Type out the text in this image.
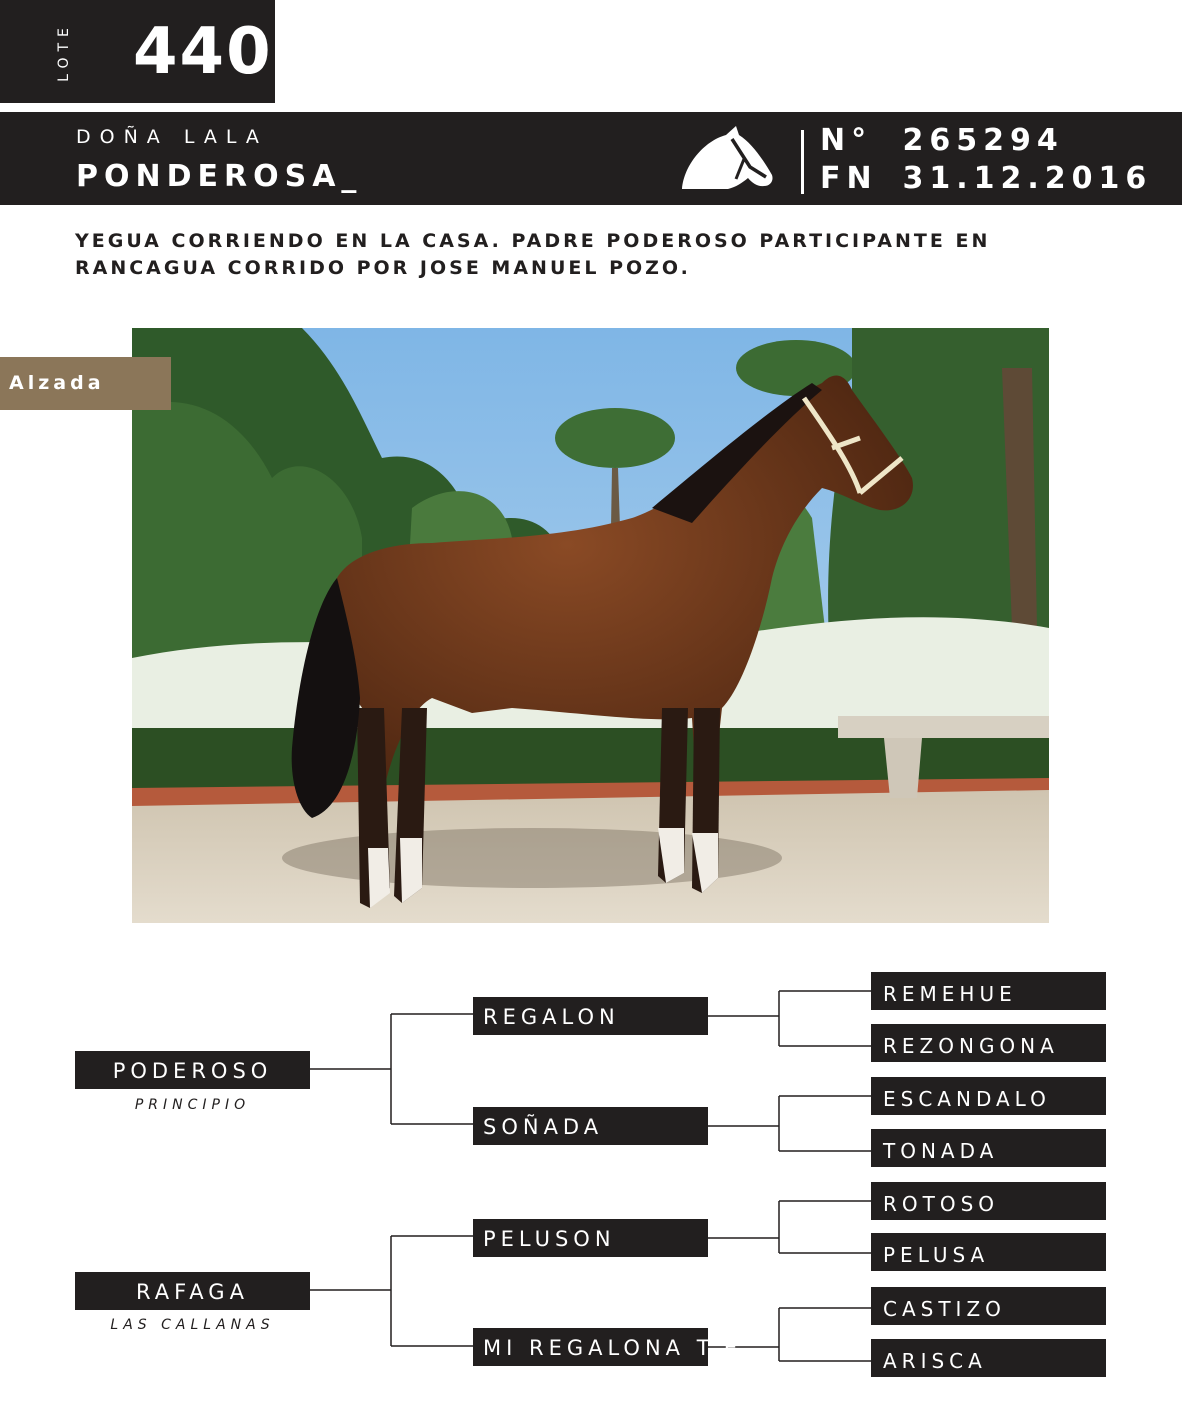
LOTE 440
DOÑA LALA
PONDEROSA_
N° 265294
FN 31.12.2016
YEGUA CORRIENDO EN LA CASA. PADRE PODEROSO PARTICIPANTE EN RANCAGUA CORRIDO POR JOSE MANUEL POZO.
Alzada 1,35
PODEROSO
PRINCIPIO
RAFAGA
LAS CALLANAS
REGALON
SOÑADA
PELUSON
MI REGALONA T.E
REMEHUE
REZONGONA
ESCANDALO
TONADA
ROTOSO
PELUSA
CASTIZO
ARISCA
